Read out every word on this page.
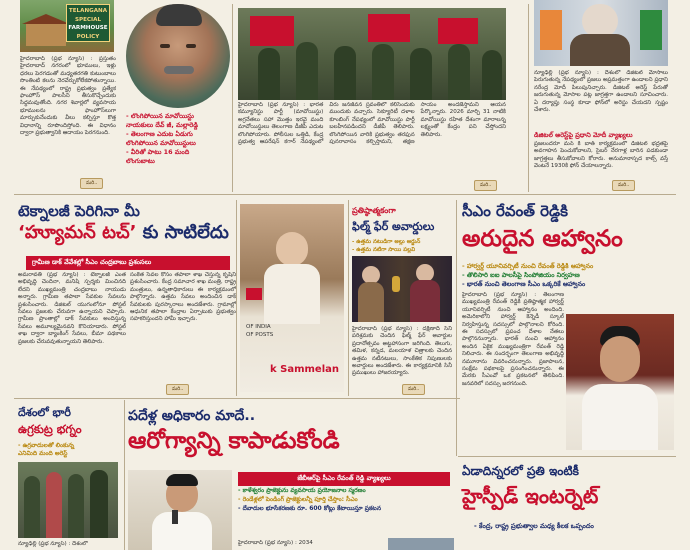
TELANGANA
SPECIAL
FARMHOUSE
POLICY
హైదరాబాద్ (ప్రభ న్యూస్) : ప్రస్తుతం హైదరాబాద్ నగరంలో భూములు, ఇళ్లు ధరలు పెరగడంతో మధ్యతరగతి కుటుంబాలు సొంతింటి కలను నెరవేర్చుకోలేకపోతున్నాయి. ఈ నేపథ్యంలో రాష్ట్ర ప్రభుత్వం ప్రత్యేక ఫాంహౌస్ పాలసీని తీసుకొచ్చేందుకు సిద్ధమవుతోంది. నగర శివార్లలో వ్యవసాయ భూములను ఫాంహౌస్‌లుగా మార్చుకునేందుకు వీలు కల్పిస్తూ కొత్త విధానాన్ని రూపొందిస్తోంది. ఈ విధానం ద్వారా ప్రభుత్వానికి ఆదాయం పెరగనుంది.
మరి..
- లొంగిపోయిన మావోయిస్టు
నాయకులు దేవ్ జీ, మల్లారెడ్డి
- తెలంగాణ ఎదుట ఏడుగు
లొంగిపోయిన మావోయిస్టులు
- వీరితో పాటు 16 మంది
లొంగుబాటు
హైదరాబాద్ (ప్రభ న్యూస్) : భారత కమ్యూనిస్టు పార్టీ (మావోయిస్టు) అగ్రనేతలు సహా మొత్తం ఇరవై మంది మావోయిస్టులు తెలంగాణ డీజీపీ ఎదుట లొంగిపోయారు. పోలీసుల ఒత్తిడి, కేంద్ర ప్రభుత్వ ఆపరేషన్ కగార్ నేపథ్యంలో వీరు జనజీవన స్రవంతిలో కలిసేందుకు ముందుకు వచ్చారు. సెక్యూరిటీ దళాల కూంబింగ్ నేపథ్యంలో మావోయిస్టు పార్టీ బలహీనపడిందని డీజీపీ తెలిపారు. లొంగిపోయిన వారికి ప్రభుత్వం తరఫున పునరావాసం కల్పిస్తామని, తక్షణ సాయం అందజేస్తామని ఆయన పేర్కొన్నారు. 2026 మార్చి 31 నాటికి మావోయిస్టు రహిత దేశంగా మారాలన్న లక్ష్యంతో కేంద్రం పని చేస్తోందని తెలిపారు.
మరి..
న్యూఢిల్లీ (ప్రభ న్యూస్) : దేశంలో డిజిటల్ మోసాలు పెరుగుతున్న నేపథ్యంలో ప్రజలు అప్రమత్తంగా ఉండాలని ప్రధాని నరేంద్ర మోదీ పిలుపునిచ్చారు. డిజిటల్ అరెస్ట్ పేరుతో జరుగుతున్న మోసాల పట్ల జాగ్రత్తగా ఉండాలని సూచించారు. ఏ దర్యాప్తు సంస్థ కూడా ఫోన్‌లో అరెస్టు చేయదని స్పష్టం చేశారు.
డిజిటల్ అరెస్ట్‌పై ప్రధాని మోదీ వ్యాఖ్యలు
ప్రజలందరూ మన్ కీ బాత్ కార్యక్రమంలో డిజిటల్ భద్రతపై అవగాహన పెంచుకోవాలని, సైబర్ నేరగాళ్ల బారిన పడకుండా జాగ్రత్తలు తీసుకోవాలని కోరారు. అనుమానాస్పద కాల్స్ వస్తే వెంటనే 1930కి ఫోన్ చేయాలన్నారు.
మరి..
టెక్నాలజీ పెరిగినా మీ
‘హ్యూమన్ టచ్’ కు సాటిలేదు
గ్రామీణ డాక్ వేవేశల్లో సీఎం చంద్రబాబు ప్రశంసలు
అమరావతి (ప్రభ న్యూస్) : టెక్నాలజీ ఎంత అభివృద్ధి చెందినా, మనిషి స్పర్శకు మించినది లేదని ముఖ్యమంత్రి చంద్రబాబు నాయుడు అన్నారు. గ్రామీణ తపాలా సేవకుల సేవలను ప్రశంసించారు. డిజిటల్ యుగంలోనూ పోస్టల్ సేవలు ప్రజలకు చేరువగా ఉన్నాయని చెప్పారు. గ్రామీణ ప్రాంతాల్లో డాక్ సేవకులు అందిస్తున్న సేవలు అమూల్యమైనవని కొనియాడారు. పోస్టల్ శాఖ ద్వారా బ్యాంకింగ్ సేవలు, బీమా పథకాలు ప్రజలకు చేరువవుతున్నాయని తెలిపారు.
సంకేత సేవల కోసం తపాలా శాఖ చేస్తున్న కృషిని ప్రశంసించారు. కేంద్ర సమాచార శాఖ మంత్రి, రాష్ట్ర మంత్రులు, ఉన్నతాధికారులు ఈ కార్యక్రమంలో పాల్గొన్నారు. ఉత్తమ సేవలు అందించిన డాక్ సేవకులకు పురస్కారాలు అందజేశారు. గ్రామాల్లో ఆధునిక తపాలా కేంద్రాల ఏర్పాటుకు ప్రభుత్వం సహకరిస్తుందని హామీ ఇచ్చారు.
OF INDIA
OF POSTS
k Sammelan
మరి..
ప్రతిష్ఠాత్మకంగా
ఫిల్మ్ ఫేర్ అవార్డులు
- ఉత్తమ నటుడిగా అల్లు అర్జున్
- ఉత్తమ నటిగా సాయి పల్లవి
హైదరాబాద్ (ప్రభ న్యూస్) : దక్షిణాది సినీ పరిశ్రమకు చెందిన ఫిల్మ్ ఫేర్ అవార్డుల ప్రదానోత్సవం అట్టహాసంగా జరిగింది. తెలుగు, తమిళ, కన్నడ, మలయాళ చిత్రాలకు చెందిన ఉత్తమ నటీనటులు, సాంకేతిక నిపుణులకు అవార్డులు అందజేశారు. ఈ కార్యక్రమానికి సినీ ప్రముఖులు హాజరయ్యారు.
మరి..
సీఎం రేవంత్ రెడ్డికి
అరుదైన ఆహ్వానం
- హార్వర్డ్ యూనివర్సిటీ నుంచి రేవంత్ రెడ్డికి ఆహ్వానం
- తొలిసారి ఐఐ పాలసీపై సింపోజియం నిర్వహణ
- భారత్ నుంచి తెలంగాణ సీఎం ఒక్కరికే ఆహ్వానం
హైదరాబాద్ (ప్రభ న్యూస్) : తెలంగాణ ముఖ్యమంత్రి రేవంత్ రెడ్డికి ప్రతిష్ఠాత్మక హార్వర్డ్ యూనివర్సిటీ నుంచి ఆహ్వానం అందింది. అమెరికాలోని హార్వర్డ్ కెన్నెడీ స్కూల్ నిర్వహిస్తున్న సదస్సులో పాల్గొనాలని కోరింది. ఈ సదస్సులో ప్రపంచ దేశాల నేతలు పాల్గొననున్నారు. భారత్ నుంచి ఆహ్వానం అందిన ఏకైక ముఖ్యమంత్రిగా రేవంత్ రెడ్డి నిలిచారు. ఈ సందర్భంగా తెలంగాణ అభివృద్ధి నమూనాను వివరించనున్నారు. ప్రజాపాలన, సంక్షేమ పథకాలపై ప్రసంగించనున్నారు. ఈ మేరకు సీఎంవో ఒక ప్రకటనలో తెలిపింది. జనవరిలో సదస్సు జరగనుంది.
దేశంలో భారీ
ఉగ్రకుట్ర భగ్నం
- ఉగ్రవాదులతో లింకున్న
ఎనిమిది మంది అరెస్ట్
న్యూఢిల్లీ (ప్రభ న్యూస్) : దేశంలో
పదేళ్ల అధికారం మాదే..
ఆరోగ్యాన్ని కాపాడుకోండి
జేబీఆర్‌పై సీఎం రేవంత్ రెడ్డి వ్యాఖ్యలు
- కాళేశ్వరం ప్రాజెక్టును వ్యవసాయ ప్రయోజనాల స్మరణం
- రెండేళ్లలో పెండింగ్ ప్రాజెక్టులన్నీ పూర్తి చేస్తాం: సీఎం
- దేవాదుల భూసేకరణకు రూ. 600 కోట్లు కేటాయిస్తూ ప్రకటన
హైదరాబాద్ (ప్రభ న్యూస్) : 2034
ఏడాదిన్నరలో ప్రతి ఇంటికీ
హైస్పీడ్ ఇంటర్నెట్
- కేంద్ర, రాష్ట్ర ప్రభుత్వాల మధ్య కీలక ఒప్పందం
